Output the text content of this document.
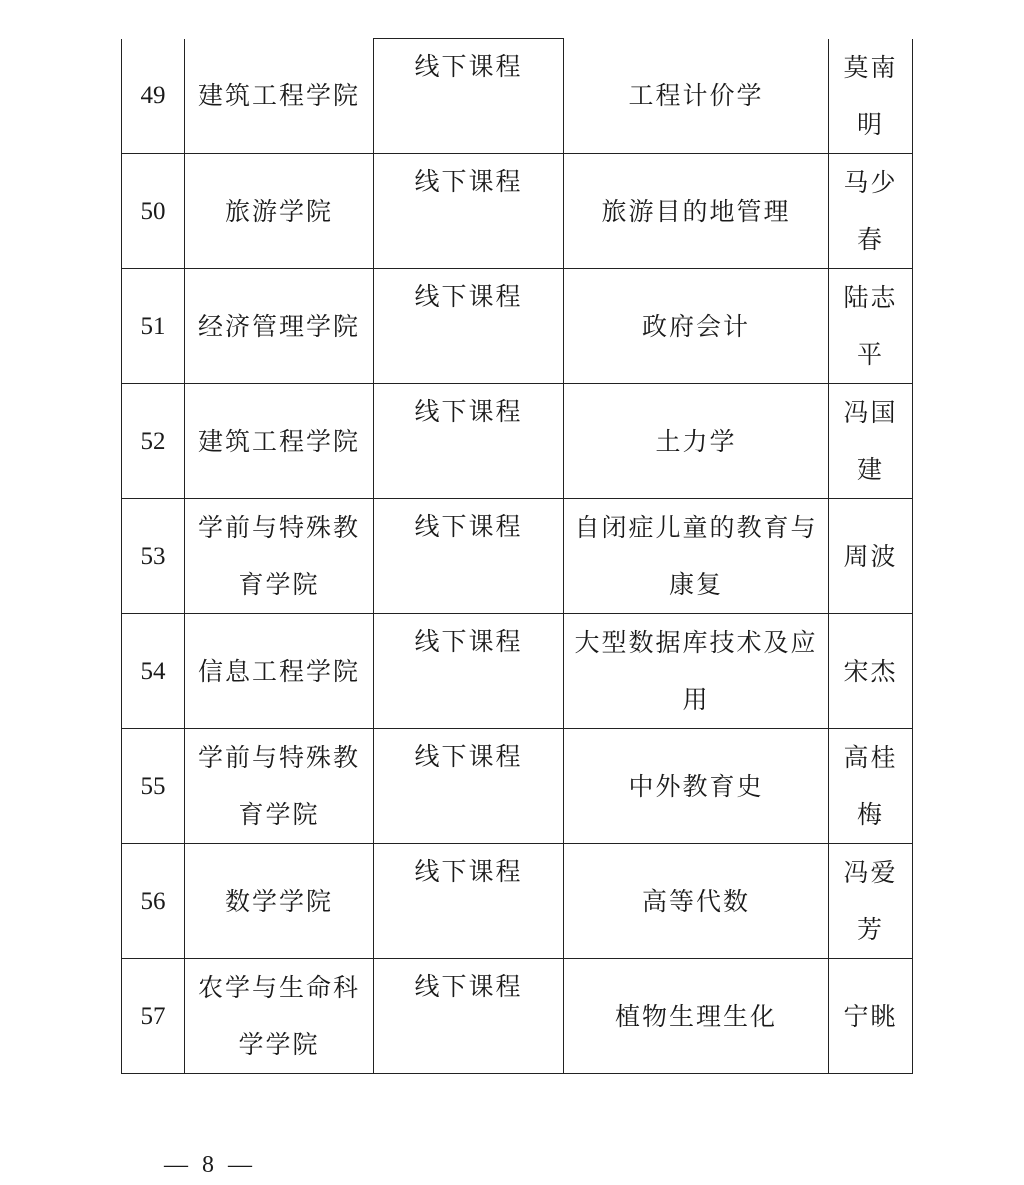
49	建筑工程学院	线下课程	工程计价学	莫南明
50	旅游学院	线下课程	旅游目的地管理	马少春
51	经济管理学院	线下课程	政府会计	陆志平
52	建筑工程学院	线下课程	土力学	冯国建
53	学前与特殊教育学院	线下课程	自闭症儿童的教育与康复	周波
54	信息工程学院	线下课程	大型数据库技术及应用	宋杰
55	学前与特殊教育学院	线下课程	中外教育史	高桂梅
56	数学学院	线下课程	高等代数	冯爱芳
57	农学与生命科学学院	线下课程	植物生理生化	宁眺
— 8 —
